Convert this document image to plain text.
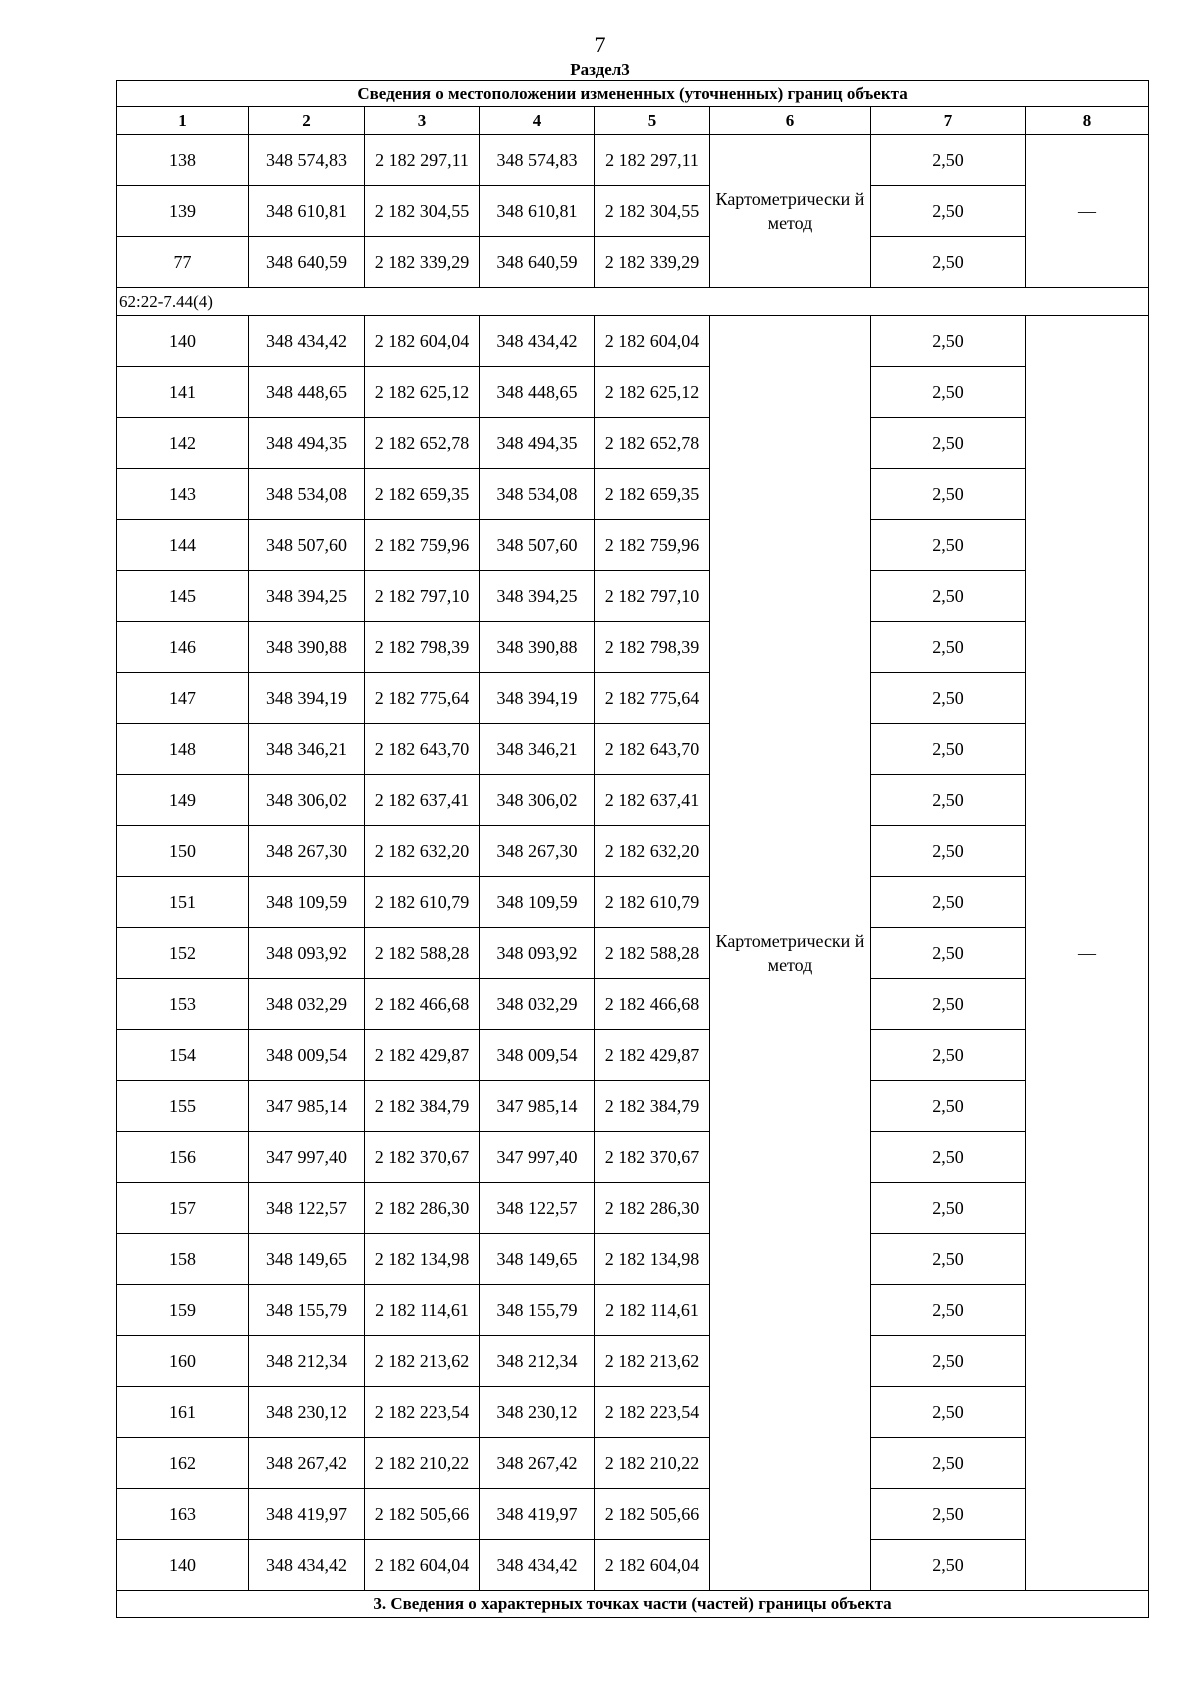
7
Раздел3
Сведения о местоположении измененных (уточненных) границ объекта							
1	2	3	4	5	6	7	8
138	348 574,83	2 182 297,11	348 574,83	2 182 297,11	Картометрически й метод	2,50	—
139	348 610,81	2 182 304,55	348 610,81	2 182 304,55		2,50	
77	348 640,59	2 182 339,29	348 640,59	2 182 339,29		2,50	
62:22-7.44(4)							
140	348 434,42	2 182 604,04	348 434,42	2 182 604,04	Картометрически й метод	2,50	—
141	348 448,65	2 182 625,12	348 448,65	2 182 625,12		2,50	
142	348 494,35	2 182 652,78	348 494,35	2 182 652,78		2,50	
143	348 534,08	2 182 659,35	348 534,08	2 182 659,35		2,50	
144	348 507,60	2 182 759,96	348 507,60	2 182 759,96		2,50	
145	348 394,25	2 182 797,10	348 394,25	2 182 797,10		2,50	
146	348 390,88	2 182 798,39	348 390,88	2 182 798,39		2,50	
147	348 394,19	2 182 775,64	348 394,19	2 182 775,64		2,50	
148	348 346,21	2 182 643,70	348 346,21	2 182 643,70		2,50	
149	348 306,02	2 182 637,41	348 306,02	2 182 637,41		2,50	
150	348 267,30	2 182 632,20	348 267,30	2 182 632,20		2,50	
151	348 109,59	2 182 610,79	348 109,59	2 182 610,79		2,50	
152	348 093,92	2 182 588,28	348 093,92	2 182 588,28		2,50	
153	348 032,29	2 182 466,68	348 032,29	2 182 466,68		2,50	
154	348 009,54	2 182 429,87	348 009,54	2 182 429,87		2,50	
155	347 985,14	2 182 384,79	347 985,14	2 182 384,79		2,50	
156	347 997,40	2 182 370,67	347 997,40	2 182 370,67		2,50	
157	348 122,57	2 182 286,30	348 122,57	2 182 286,30		2,50	
158	348 149,65	2 182 134,98	348 149,65	2 182 134,98		2,50	
159	348 155,79	2 182 114,61	348 155,79	2 182 114,61		2,50	
160	348 212,34	2 182 213,62	348 212,34	2 182 213,62		2,50	
161	348 230,12	2 182 223,54	348 230,12	2 182 223,54		2,50	
162	348 267,42	2 182 210,22	348 267,42	2 182 210,22		2,50	
163	348 419,97	2 182 505,66	348 419,97	2 182 505,66		2,50	
140	348 434,42	2 182 604,04	348 434,42	2 182 604,04		2,50	
3. Сведения о характерных точках части (частей) границы объекта							
